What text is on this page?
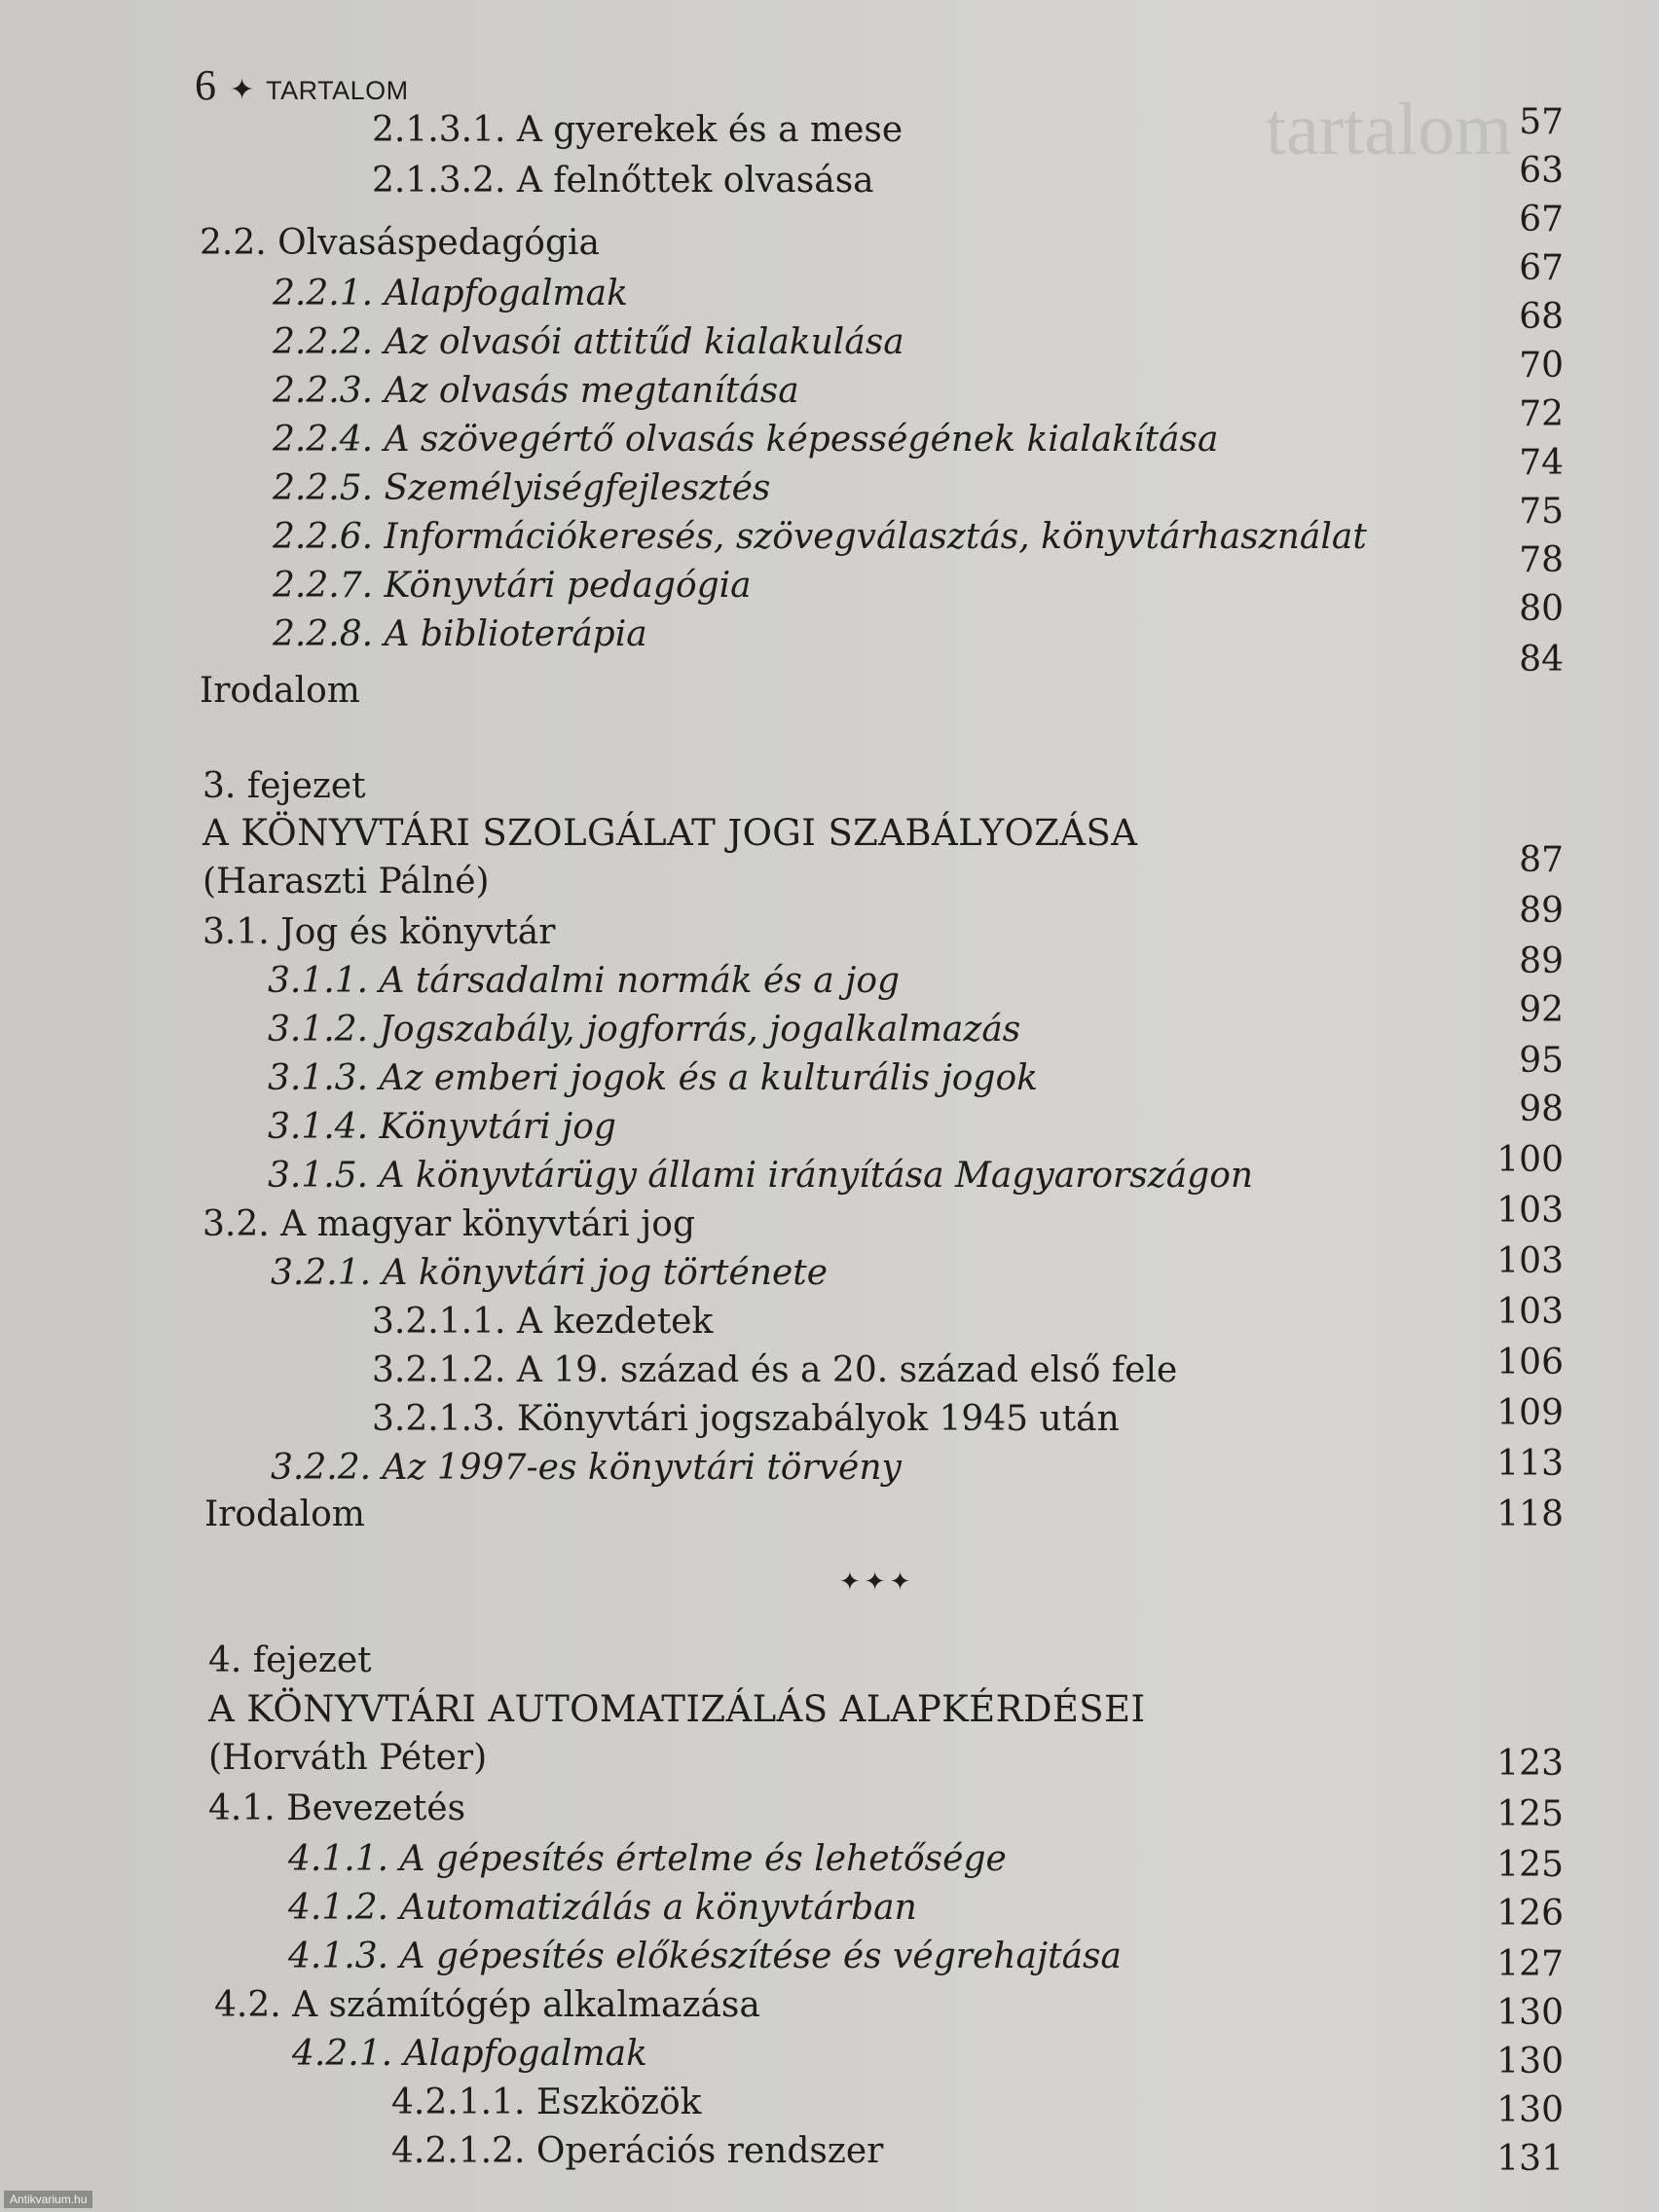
tartalom
6 ✦ TARTALOM
2.1.3.1. A gyerekek és a mese
2.1.3.2. A felnőttek olvasása
2.2. Olvasáspedagógia
2.2.1. Alapfogalmak
2.2.2. Az olvasói attitűd kialakulása
2.2.3. Az olvasás megtanítása
2.2.4. A szövegértő olvasás képességének kialakítása
2.2.5. Személyiségfejlesztés
2.2.6. Információkeresés, szövegválasztás, könyvtárhasználat
2.2.7. Könyvtári pedagógia
2.2.8. A biblioterápia
Irodalom
3. fejezet
A KÖNYVTÁRI SZOLGÁLAT JOGI SZABÁLYOZÁSA
(Haraszti Pálné)
3.1. Jog és könyvtár
3.1.1. A társadalmi normák és a jog
3.1.2. Jogszabály, jogforrás, jogalkalmazás
3.1.3. Az emberi jogok és a kulturális jogok
3.1.4. Könyvtári jog
3.1.5. A könyvtárügy állami irányítása Magyarországon
3.2. A magyar könyvtári jog
3.2.1. A könyvtári jog története
3.2.1.1. A kezdetek
3.2.1.2. A 19. század és a 20. század első fele
3.2.1.3. Könyvtári jogszabályok 1945 után
3.2.2. Az 1997-es könyvtári törvény
Irodalom
4. fejezet
A KÖNYVTÁRI AUTOMATIZÁLÁS ALAPKÉRDÉSEI
(Horváth Péter)
4.1. Bevezetés
4.1.1. A gépesítés értelme és lehetősége
4.1.2. Automatizálás a könyvtárban
4.1.3. A gépesítés előkészítése és végrehajtása
4.2. A számítógép alkalmazása
4.2.1. Alapfogalmak
4.2.1.1. Eszközök
4.2.1.2. Operációs rendszer
✦✦✦
57
63
67
67
68
70
72
74
75
78
80
84
87
89
89
92
95
98
100
103
103
103
106
109
113
118
123
125
125
126
127
130
130
130
131
Antikvarium.hu
